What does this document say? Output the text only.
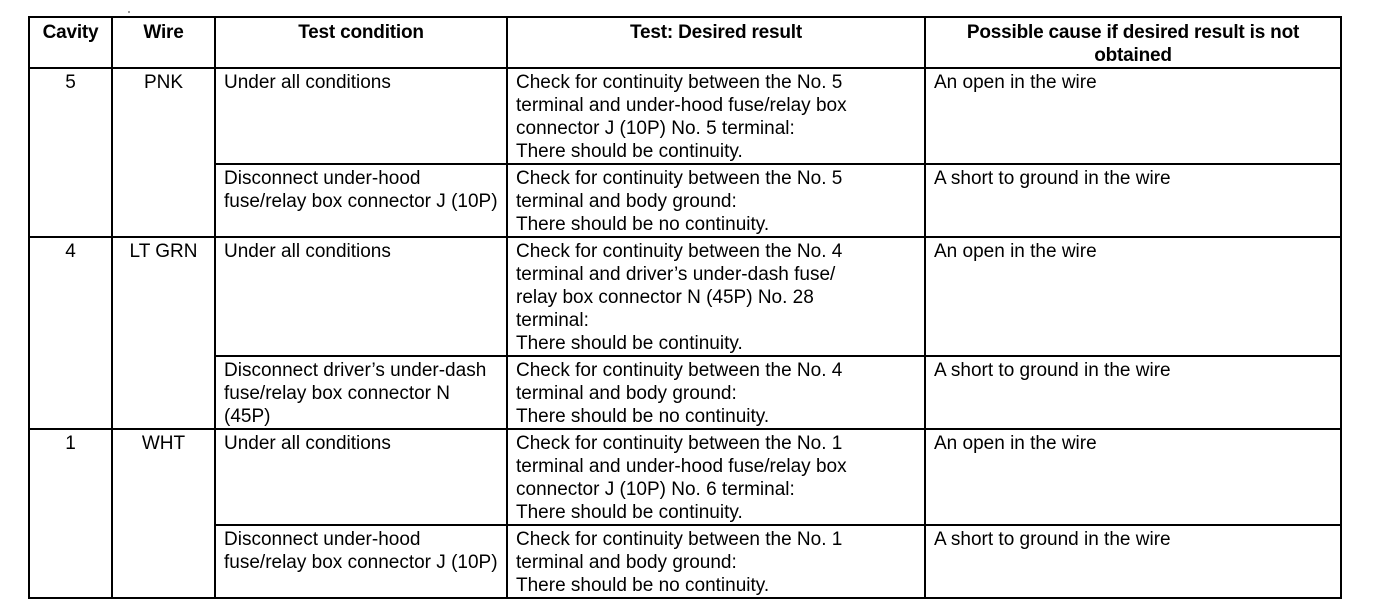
Cavity	Wire	Test condition	Test: Desired result	Possible cause if desired result is not obtained
5	PNK	Under all conditions	Check for continuity between the No. 5
terminal and under-hood fuse/relay box
connector J (10P) No. 5 terminal:
There should be continuity.	An open in the wire
		Disconnect under-hood fuse/relay box connector J (10P)	Check for continuity between the No. 5
terminal and body ground:
There should be no continuity.	A short to ground in the wire
4	LT GRN	Under all conditions	Check for continuity between the No. 4
terminal and driver’s under-dash fuse/
relay box connector N (45P) No. 28
terminal:
There should be continuity.	An open in the wire
		Disconnect driver’s under-dash fuse/relay box connector N (45P)	Check for continuity between the No. 4
terminal and body ground:
There should be no continuity.	A short to ground in the wire
1	WHT	Under all conditions	Check for continuity between the No. 1
terminal and under-hood fuse/relay box
connector J (10P) No. 6 terminal:
There should be continuity.	An open in the wire
		Disconnect under-hood fuse/relay box connector J (10P)	Check for continuity between the No. 1
terminal and body ground:
There should be no continuity.	A short to ground in the wire
